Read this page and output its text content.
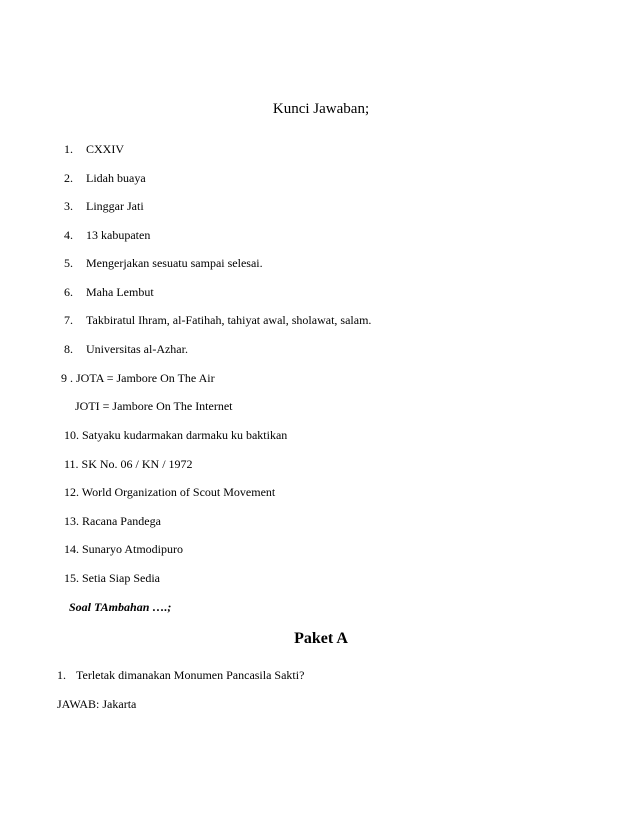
Kunci Jawaban;
1. CXXIV
2. Lidah buaya
3. Linggar Jati
4. 13 kabupaten
5. Mengerjakan sesuatu sampai selesai.
6. Maha Lembut
7. Takbiratul Ihram, al-Fatihah, tahiyat awal, sholawat, salam.
8. Universitas al-Azhar.
9 . JOTA = Jambore On The Air
JOTI = Jambore On The Internet
10. Satyaku kudarmakan darmaku ku baktikan
11. SK No. 06 / KN / 1972
12. World Organization of Scout Movement
13. Racana Pandega
14. Sunaryo Atmodipuro
15. Setia Siap Sedia
Soal TAmbahan ….;
Paket A
1. Terletak dimanakan Monumen Pancasila Sakti?
JAWAB: Jakarta
